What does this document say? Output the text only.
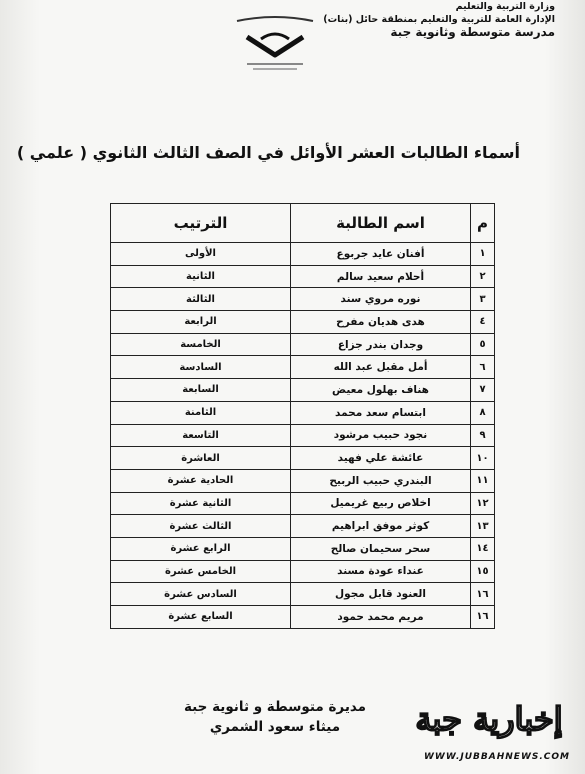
وزارة التربية والتعليم
الإدارة العامة للتربية والتعليم بمنطقة حائل (بنات)
مدرسة متوسطة وثانوية جبة
أسماء الطالبات العشر الأوائل في الصف الثالث الثانوي ( علمي )
م	اسم الطالبة	الترتيب
١	أفنان عايد جربوع	الأولى
٢	أحلام سعيد سالم	الثانية
٣	نوره مروي سند	الثالثة
٤	هدى هديان مفرح	الرابعة
٥	وجدان بندر جزاع	الخامسة
٦	أمل مقبل عبد الله	السادسة
٧	هناف بهلول معيض	السابعة
٨	ابتسام سعد محمد	الثامنة
٩	نجود حبيب مرشود	التاسعة
١٠	عائشة علي فهيد	العاشرة
١١	البندري حبيب الربيح	الحادية عشرة
١٢	اخلاص ربيع غريميل	الثانية عشرة
١٣	كوثر موفق ابراهيم	الثالث عشرة
١٤	سحر سحيمان صالح	الرابع عشرة
١٥	عنداء عودة مسند	الخامس عشرة
١٦	العنود قابل مجول	السادس عشرة
١٦	مريم محمد حمود	السابع عشرة
مديرة متوسطة و ثانوية جبة
ميثاء سعود الشمري	إخبارية جبة
WWW.JUBBAHNEWS.COM
